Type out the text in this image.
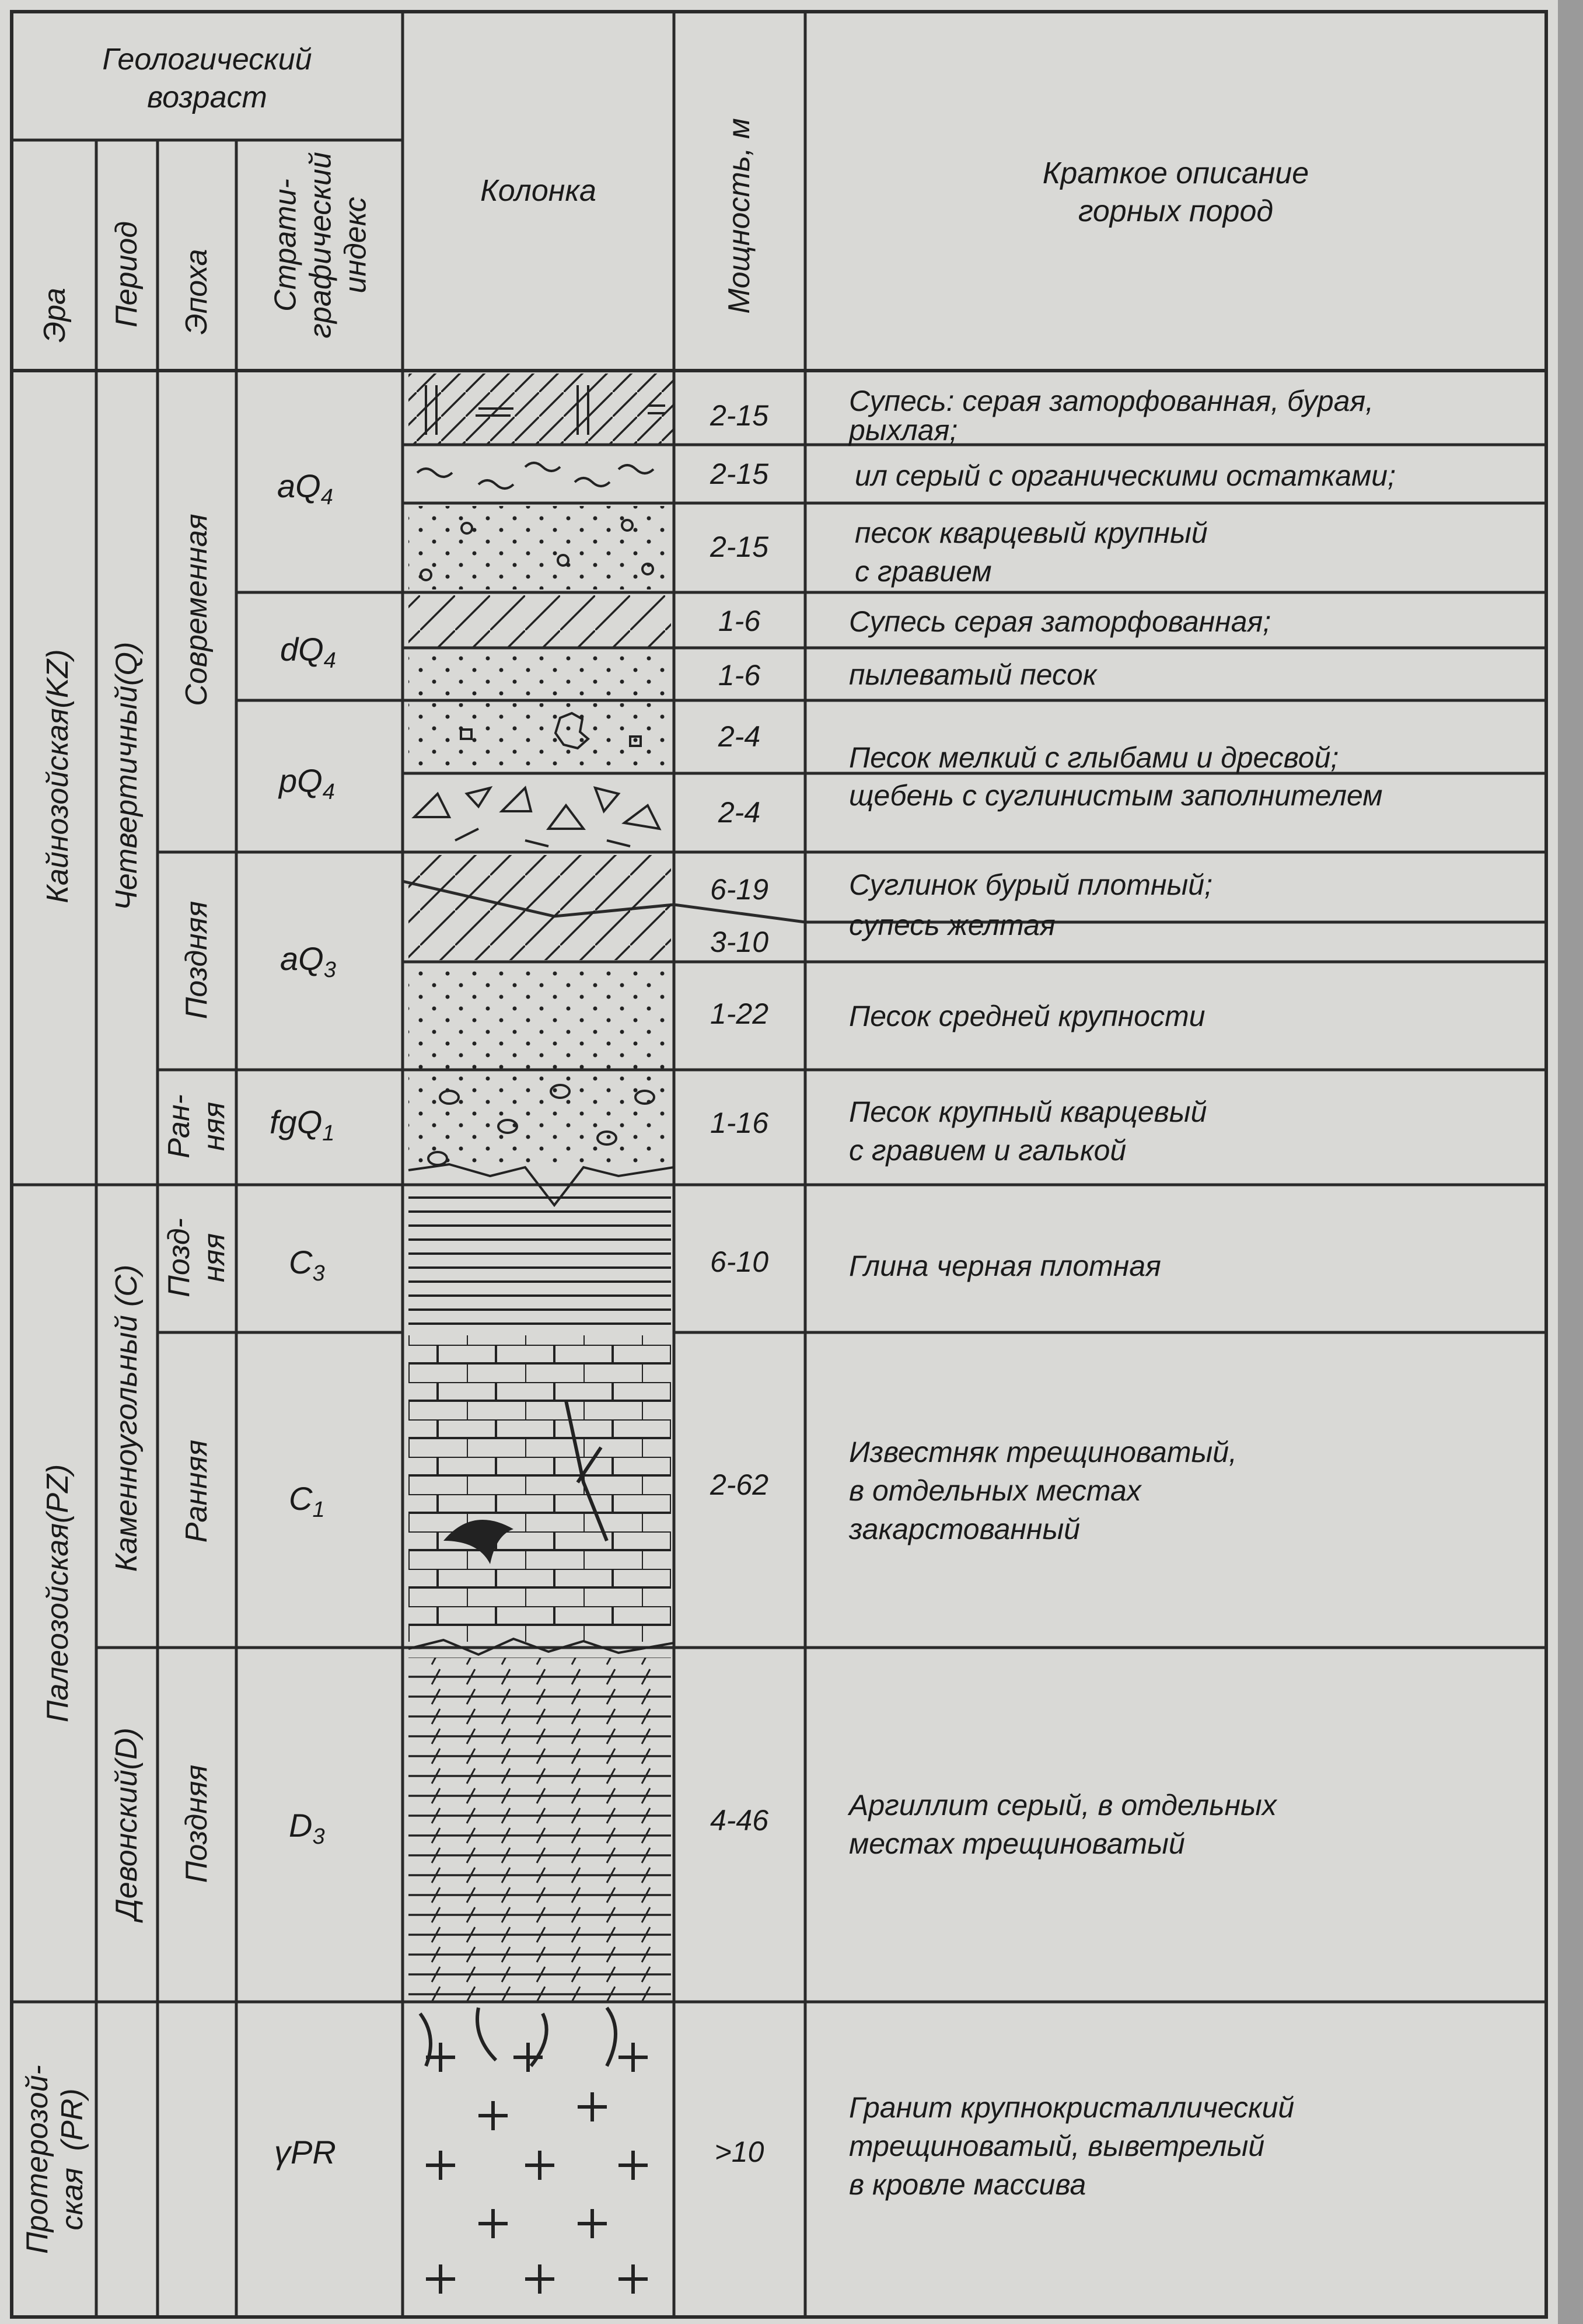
Геологический возраст
Эра Период Эпоха Страти-
графический
индекс
Колонка	Мощность, м	Краткое описание
горных пород
Кайнозойская(KZ)
Палеозойская(PZ)
Протерозой-
ская  (PR)
Четвертичный(Q)
Каменноугольный (C)
Девонский(D)
Современная
Поздняя
Ран-
няя
Позд-
няя
Ранняя
Поздняя
$aQ_4$
$dQ_4$
$pQ_4$
$aQ_3$
fgQ$_1$
$C_3$
$C_1$
$D_3$
γPR
2-15
2-15
2-15
1-6
1-6
2-4
2-4
6-19
3-10
1-22
1-16
6-10
2-62
4-46
>10
Супесь: серая заторфованная, бурая,
рыхлая;
ил серый с органическими остатками;
песок кварцевый крупный
с гравием
Супесь серая заторфованная;
пылеватый песок
Песок мелкий с глыбами и дресвой;
щебень с суглинистым заполнителем
Суглинок бурый плотный;
супесь желтая
Песок средней крупности
Песок крупный кварцевый
с гравием и галькой
Глина черная плотная
Известняк трещиноватый,
в отдельных местах
закарстованный
Аргиллит серый, в отдельных
местах трещиноватый
Гранит крупнокристаллический
трещиноватый, выветрелый
в кровле массива
